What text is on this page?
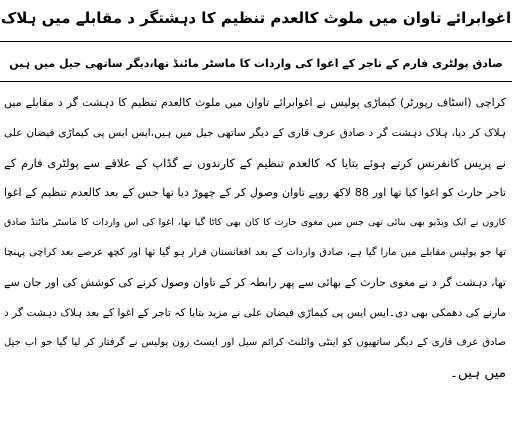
اغوابرائے تاوان میں ملوث کالعدم تنظیم کا دہشتگر د مقابلے میں ہلاک
صادق پولٹری فارم کے تاجر کے اغوا کی واردات کا ماسٹر مائنڈ تھا،دیگر ساتھی جیل میں ہیں
کراچی (اسٹاف رپورٹر) کیماڑی پولیس نے اغوابرائے تاوان میں ملوث کالعدم تنظیم کا دہشت گر د مقابلے میں
ہلاک کر دیا، ہلاک دہشت گر د صادق عرف قاری کے دیگر ساتھی جیل میں ہیں،ایس ایس پی کیماڑی فیضان علی
نے پریس کانفرنس کرتے ہوئے بتایا کہ کالعدم تنظیم کے کارندوں نے گڈاپ کے علاقے سے پولٹری فارم کے
تاجر حارث کو اغوا کیا تھا اور 88 لاکھ روپے تاوان وصول کر کے چھوڑ دیا تھا جس کے بعد کالعدم تنظیم کے اغوا
کاروں نے ایک ویڈیو بھی بنائی تھی جس میں مغوی حارث کا کان بھی کاٹا گیا تھا، اغوا کی اس واردات کا ماسٹر مائنڈ صادق
تھا جو پولیس مقابلے میں مارا گیا ہے، صادق واردات کے بعد افغانستان فرار ہو گیا تھا اور کچھ عرصے بعد کراچی پہنچا
تھا، دہشت گر د نے مغوی حارث کے بھائی سے پھر رابطہ کر کے تاوان وصول کرنے کی کوشش کی اور جان سے
مارنے کی دھمکی بھی دی۔ایس ایس پی کیماڑی فیضان علی نے مزید بتایا کہ تاجر کے اغوا کے بعد ہلاک دہشت گر د
صادق عرف قاری کے دیگر ساتھیوں کو اینٹی وائلنٹ کرائم سیل اور ایسٹ زون پولیس نے گرفتار کر لیا گیا جو اب جیل
میں ہیں۔
